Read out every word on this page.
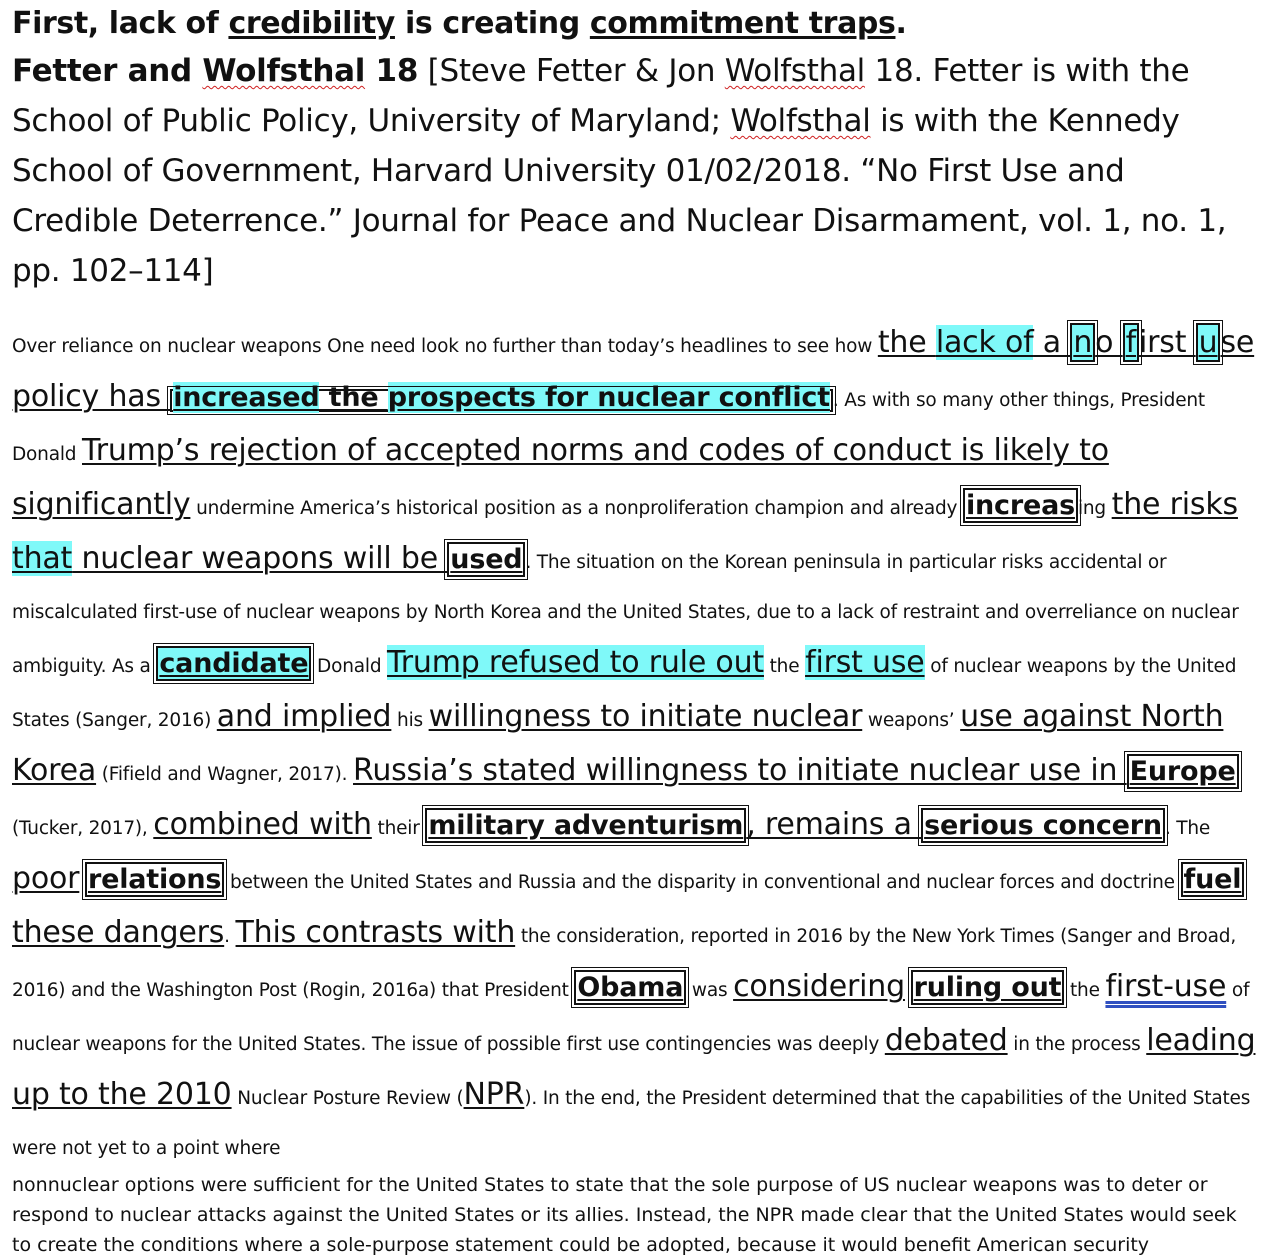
First, lack of credibility is creating commitment traps.

Fetter and Wolfsthal 18 [Steve Fetter & Jon Wolfsthal 18. Fetter is with the School of Public Policy, University of Maryland; Wolfsthal is with the Kennedy School of Government, Harvard University 01/02/2018. “No First Use and Credible Deterrence.” Journal for Peace and Nuclear Disarmament, vol. 1, no. 1, pp. 102–114]

Over reliance on nuclear weapons One need look no further than today’s headlines to see how the lack of a n o f irst u se policy has increased the prospects for nuclear conflict . As with so many other things, President Donald Trump’s rejection of accepted norms and codes of conduct is likely to significantly undermine America’s historical position as a nonproliferation champion and already increas ing the risks that nuclear weapons will be used . The situation on the Korean peninsula in particular risks accidental or miscalculated first-use of nuclear weapons by North Korea and the United States, due to a lack of restraint and overreliance on nuclear ambiguity. As a candidate Donald Trump refused to rule out the first use of nuclear weapons by the United States (Sanger, 2016) and implied his willingness to initiate nuclear weapons’ use against North Korea (Fifield and Wagner, 2017). Russia’s stated willingness to initiate nuclear use in Europe (Tucker, 2017), combined with their military adventurism , remains a serious concern . The poor relations between the United States and Russia and the disparity in conventional and nuclear forces and doctrine fuel these dangers. This contrasts with the consideration, reported in 2016 by the New York Times (Sanger and Broad, 2016) and the Washington Post (Rogin, 2016a) that President Obama was considering ruling out the first-use of nuclear weapons for the United States. The issue of possible first use contingencies was deeply debated in the process leading up to the 2010 Nuclear Posture Review (NPR). In the end, the President determined that the capabilities of the United States were not yet to a point where
nonnuclear options were sufficient for the United States to state that the sole purpose of US nuclear weapons was to deter or respond to nuclear attacks against the United States or its allies. Instead, the NPR made clear that the United States would seek to create the conditions where a sole-purpose statement could be adopted, because it would benefit American security
